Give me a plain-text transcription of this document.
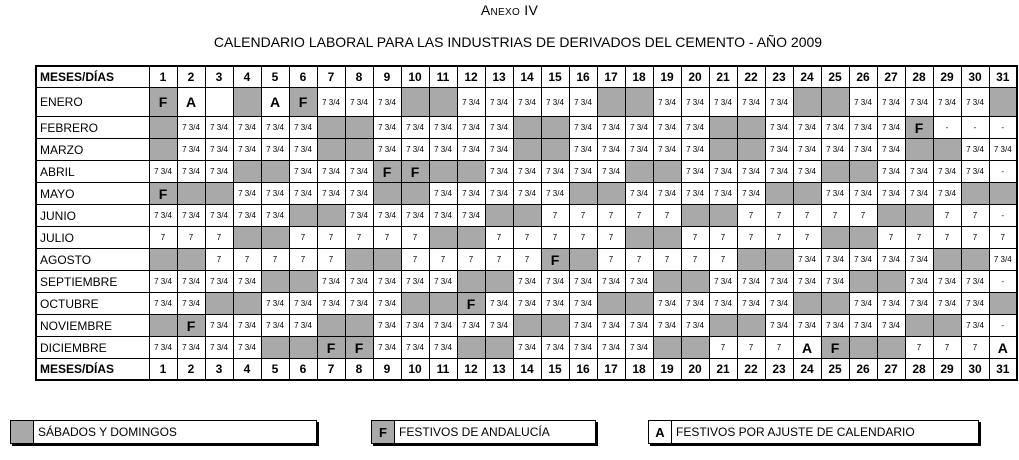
Anexo IV
CALENDARIO LABORAL PARA LAS INDUSTRIAS DE DERIVADOS DEL CEMENTO - AÑO 2009
MESES/DÍAS	1	2	3	4	5	6	7	8	9	10	11	12	13	14	15	16	17	18	19	20	21	22	23	24	25	26	27	28	29	30	31
ENERO	F	A			A	F	7 3/4	7 3/4	7 3/4			7 3/4	7 3/4	7 3/4	7 3/4	7 3/4			7 3/4	7 3/4	7 3/4	7 3/4	7 3/4			7 3/4	7 3/4	7 3/4	7 3/4	7 3/4	
FEBRERO		7 3/4	7 3/4	7 3/4	7 3/4	7 3/4			7 3/4	7 3/4	7 3/4	7 3/4	7 3/4			7 3/4	7 3/4	7 3/4	7 3/4	7 3/4			7 3/4	7 3/4	7 3/4	7 3/4	7 3/4	F	-	-	-
MARZO		7 3/4	7 3/4	7 3/4	7 3/4	7 3/4			7 3/4	7 3/4	7 3/4	7 3/4	7 3/4			7 3/4	7 3/4	7 3/4	7 3/4	7 3/4			7 3/4	7 3/4	7 3/4	7 3/4	7 3/4			7 3/4	7 3/4
ABRIL	7 3/4	7 3/4	7 3/4			7 3/4	7 3/4	7 3/4	F	F			7 3/4	7 3/4	7 3/4	7 3/4	7 3/4			7 3/4	7 3/4	7 3/4	7 3/4	7 3/4			7 3/4	7 3/4	7 3/4	7 3/4	-
MAYO	F			7 3/4	7 3/4	7 3/4	7 3/4	7 3/4			7 3/4	7 3/4	7 3/4	7 3/4	7 3/4			7 3/4	7 3/4	7 3/4	7 3/4	7 3/4			7 3/4	7 3/4	7 3/4	7 3/4	7 3/4		
JUNIO	7 3/4	7 3/4	7 3/4	7 3/4	7 3/4			7 3/4	7 3/4	7 3/4	7 3/4	7 3/4			7	7	7	7	7			7	7	7	7	7			7	7	-
JULIO	7	7	7			7	7	7	7	7			7	7	7	7	7			7	7	7	7	7			7	7	7	7	7
AGOSTO			7	7	7	7	7			7	7	7	7	7	F		7	7	7	7	7			7 3/4	7 3/4	7 3/4	7 3/4	7 3/4			7 3/4
SEPTIEMBRE	7 3/4	7 3/4	7 3/4	7 3/4			7 3/4	7 3/4	7 3/4	7 3/4	7 3/4			7 3/4	7 3/4	7 3/4	7 3/4	7 3/4			7 3/4	7 3/4	7 3/4	7 3/4	7 3/4			7 3/4	7 3/4	7 3/4	-
OCTUBRE	7 3/4	7 3/4			7 3/4	7 3/4	7 3/4	7 3/4	7 3/4			F	7 3/4	7 3/4	7 3/4	7 3/4			7 3/4	7 3/4	7 3/4	7 3/4	7 3/4			7 3/4	7 3/4	7 3/4	7 3/4	7 3/4	
NOVIEMBRE		F	7 3/4	7 3/4	7 3/4	7 3/4			7 3/4	7 3/4	7 3/4	7 3/4	7 3/4			7 3/4	7 3/4	7 3/4	7 3/4	7 3/4			7 3/4	7 3/4	7 3/4	7 3/4	7 3/4			7 3/4	-
DICIEMBRE	7 3/4	7 3/4	7 3/4	7 3/4			F	F	7 3/4	7 3/4	7 3/4			7 3/4	7 3/4	7 3/4	7 3/4	7 3/4			7	7	7	A	F			7	7	7	A
MESES/DÍAS	1	2	3	4	5	6	7	8	9	10	11	12	13	14	15	16	17	18	19	20	21	22	23	24	25	26	27	28	29	30	31
SÁBADOS Y DOMINGOS	F	FESTIVOS DE ANDALUCÍA	A FESTIVOS POR AJUSTE DE CALENDARIO
